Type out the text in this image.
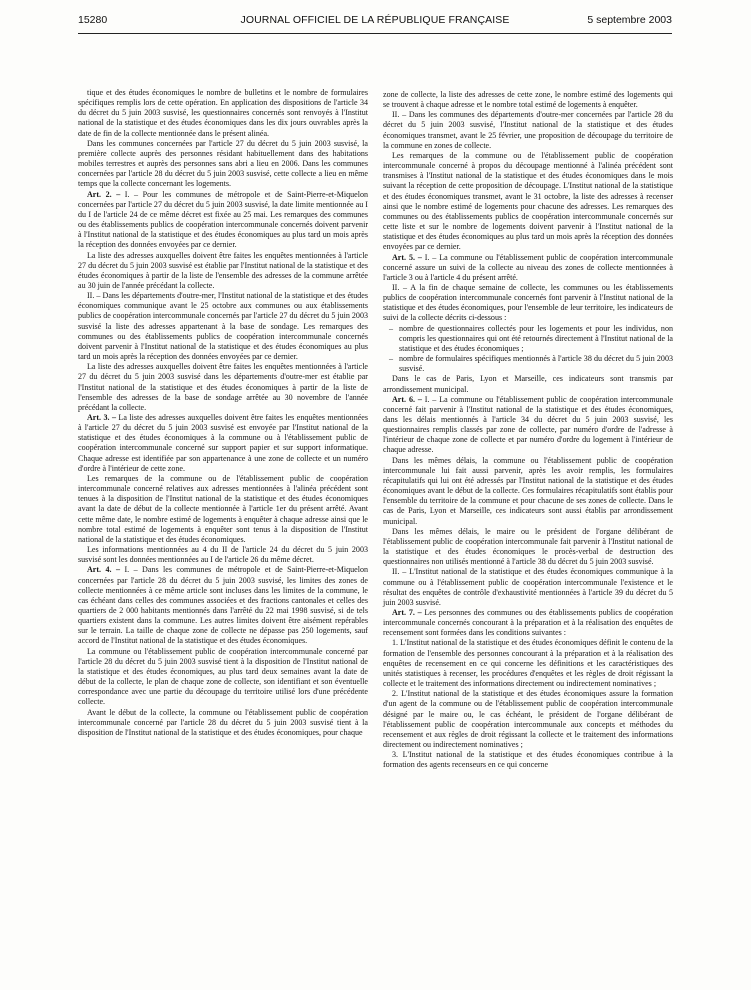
15280	JOURNAL OFFICIEL DE LA RÉPUBLIQUE FRANÇAISE	5 septembre 2003

tique et des études économiques le nombre de bulletins et le nombre de formulaires spécifiques remplis lors de cette opération. En application des dispositions de l'article 34 du décret du 5 juin 2003 susvisé, les questionnaires concernés sont renvoyés à l'Institut national de la statistique et des études économiques dans les dix jours ouvrables après la date de fin de la collecte mentionnée dans le présent alinéa.

Dans les communes concernées par l'article 27 du décret du 5 juin 2003 susvisé, la première collecte auprès des personnes résidant habituellement dans des habitations mobiles terrestres et auprès des personnes sans abri a lieu en 2006. Dans les communes concernées par l'article 28 du décret du 5 juin 2003 susvisé, cette collecte a lieu en même temps que la collecte concernant les logements.

Art. 2. – I. – Pour les communes de métropole et de Saint-Pierre-et-Miquelon concernées par l'article 27 du décret du 5 juin 2003 susvisé, la date limite mentionnée au I du I de l'article 24 de ce même décret est fixée au 25 mai. Les remarques des communes ou des établissements publics de coopération intercommunale concernés doivent parvenir à l'Institut national de la statistique et des études économiques au plus tard un mois après la réception des données envoyées par ce dernier.

La liste des adresses auxquelles doivent être faites les enquêtes mentionnées à l'article 27 du décret du 5 juin 2003 susvisé est établie par l'Institut national de la statistique et des études économiques à partir de la liste de l'ensemble des adresses de la commune arrêtée au 30 juin de l'année précédant la collecte.

II. – Dans les départements d'outre-mer, l'Institut national de la statistique et des études économiques communique avant le 25 octobre aux communes ou aux établissements publics de coopération intercommunale concernés par l'article 27 du décret du 5 juin 2003 susvisé la liste des adresses appartenant à la base de sondage. Les remarques des communes ou des établissements publics de coopération intercommunale concernés doivent parvenir à l'Institut national de la statistique et des études économiques au plus tard un mois après la réception des données envoyées par ce dernier.

La liste des adresses auxquelles doivent être faites les enquêtes mentionnées à l'article 27 du décret du 5 juin 2003 susvisé dans les départements d'outre-mer est établie par l'Institut national de la statistique et des études économiques à partir de la liste de l'ensemble des adresses de la base de sondage arrêtée au 30 novembre de l'année précédant la collecte.

Art. 3. – La liste des adresses auxquelles doivent être faites les enquêtes mentionnées à l'article 27 du décret du 5 juin 2003 susvisé est envoyée par l'Institut national de la statistique et des études économiques à la commune ou à l'établissement public de coopération intercommunale concerné sur support papier et sur support informatique. Chaque adresse est identifiée par son appartenance à une zone de collecte et un numéro d'ordre à l'intérieur de cette zone.

Les remarques de la commune ou de l'établissement public de coopération intercommunale concerné relatives aux adresses mentionnées à l'alinéa précédent sont tenues à la disposition de l'Institut national de la statistique et des études économiques avant la date de début de la collecte mentionnée à l'article 1er du présent arrêté. Avant cette même date, le nombre estimé de logements à enquêter à chaque adresse ainsi que le nombre total estimé de logements à enquêter sont tenus à la disposition de l'Institut national de la statistique et des études économiques.

Les informations mentionnées au 4 du II de l'article 24 du décret du 5 juin 2003 susvisé sont les données mentionnées au I de l'article 26 du même décret.

Art. 4. – I. – Dans les communes de métropole et de Saint-Pierre-et-Miquelon concernées par l'article 28 du décret du 5 juin 2003 susvisé, les limites des zones de collecte mentionnées à ce même article sont incluses dans les limites de la commune, le cas échéant dans celles des communes associées et des fractions cantonales et celles des quartiers de 2 000 habitants mentionnés dans l'arrêté du 22 mai 1998 susvisé, si de tels quartiers existent dans la commune. Les autres limites doivent être aisément repérables sur le terrain. La taille de chaque zone de collecte ne dépasse pas 250 logements, sauf accord de l'Institut national de la statistique et des études économiques.

La commune ou l'établissement public de coopération intercommunale concerné par l'article 28 du décret du 5 juin 2003 susvisé tient à la disposition de l'Institut national de la statistique et des études économiques, au plus tard deux semaines avant la date de début de la collecte, le plan de chaque zone de collecte, son identifiant et son éventuelle correspondance avec une partie du découpage du territoire utilisé lors d'une précédente collecte.

Avant le début de la collecte, la commune ou l'établissement public de coopération intercommunale concerné par l'article 28 du décret du 5 juin 2003 susvisé tient à la disposition de l'Institut national de la statistique et des études économiques, pour chaque

zone de collecte, la liste des adresses de cette zone, le nombre estimé des logements qui se trouvent à chaque adresse et le nombre total estimé de logements à enquêter.

II. – Dans les communes des départements d'outre-mer concernées par l'article 28 du décret du 5 juin 2003 susvisé, l'Institut national de la statistique et des études économiques transmet, avant le 25 février, une proposition de découpage du territoire de la commune en zones de collecte.

Les remarques de la commune ou de l'établissement public de coopération intercommunale concerné à propos du découpage mentionné à l'alinéa précédent sont transmises à l'Institut national de la statistique et des études économiques dans le mois suivant la réception de cette proposition de découpage. L'Institut national de la statistique et des études économiques transmet, avant le 31 octobre, la liste des adresses à recenser ainsi que le nombre estimé de logements pour chacune des adresses. Les remarques des communes ou des établissements publics de coopération intercommunale concernés sur cette liste et sur le nombre de logements doivent parvenir à l'Institut national de la statistique et des études économiques au plus tard un mois après la réception des données envoyées par ce dernier.

Art. 5. – I. – La commune ou l'établissement public de coopération intercommunale concerné assure un suivi de la collecte au niveau des zones de collecte mentionnées à l'article 3 ou à l'article 4 du présent arrêté.

II. – A la fin de chaque semaine de collecte, les communes ou les établissements publics de coopération intercommunale concernés font parvenir à l'Institut national de la statistique et des études économiques, pour l'ensemble de leur territoire, les indicateurs de suivi de la collecte décrits ci-dessous :

– nombre de questionnaires collectés pour les logements et pour les individus, non compris les questionnaires qui ont été retournés directement à l'Institut national de la statistique et des études économiques ;
– nombre de formulaires spécifiques mentionnés à l'article 38 du décret du 5 juin 2003 susvisé.

Dans le cas de Paris, Lyon et Marseille, ces indicateurs sont transmis par arrondissement municipal.

Art. 6. – I. – La commune ou l'établissement public de coopération intercommunale concerné fait parvenir à l'Institut national de la statistique et des études économiques, dans les délais mentionnés à l'article 34 du décret du 5 juin 2003 susvisé, les questionnaires remplis classés par zone de collecte, par numéro d'ordre de l'adresse à l'intérieur de chaque zone de collecte et par numéro d'ordre du logement à l'intérieur de chaque adresse.

Dans les mêmes délais, la commune ou l'établissement public de coopération intercommunale lui fait aussi parvenir, après les avoir remplis, les formulaires récapitulatifs qui lui ont été adressés par l'Institut national de la statistique et des études économiques avant le début de la collecte. Ces formulaires récapitulatifs sont établis pour l'ensemble du territoire de la commune et pour chacune de ses zones de collecte. Dans le cas de Paris, Lyon et Marseille, ces indicateurs sont aussi établis par arrondissement municipal.

Dans les mêmes délais, le maire ou le président de l'organe délibérant de l'établissement public de coopération intercommunale fait parvenir à l'Institut national de la statistique et des études économiques le procès-verbal de destruction des questionnaires non utilisés mentionné à l'article 38 du décret du 5 juin 2003 susvisé.

II. – L'Institut national de la statistique et des études économiques communique à la commune ou à l'établissement public de coopération intercommunale l'existence et le résultat des enquêtes de contrôle d'exhaustivité mentionnées à l'article 39 du décret du 5 juin 2003 susvisé.

Art. 7. – Les personnes des communes ou des établissements publics de coopération intercommunale concernés concourant à la préparation et à la réalisation des enquêtes de recensement sont formées dans les conditions suivantes :

1. L'Institut national de la statistique et des études économiques définit le contenu de la formation de l'ensemble des personnes concourant à la préparation et à la réalisation des enquêtes de recensement en ce qui concerne les définitions et les caractéristiques des unités statistiques à recenser, les procédures d'enquêtes et les règles de droit régissant la collecte et le traitement des informations directement ou indirectement nominatives ;

2. L'Institut national de la statistique et des études économiques assure la formation d'un agent de la commune ou de l'établissement public de coopération intercommunale désigné par le maire ou, le cas échéant, le président de l'organe délibérant de l'établissement public de coopération intercommunale aux concepts et méthodes du recensement et aux règles de droit régissant la collecte et le traitement des informations directement ou indirectement nominatives ;

3. L'Institut national de la statistique et des études économiques contribue à la formation des agents recenseurs en ce qui concerne
